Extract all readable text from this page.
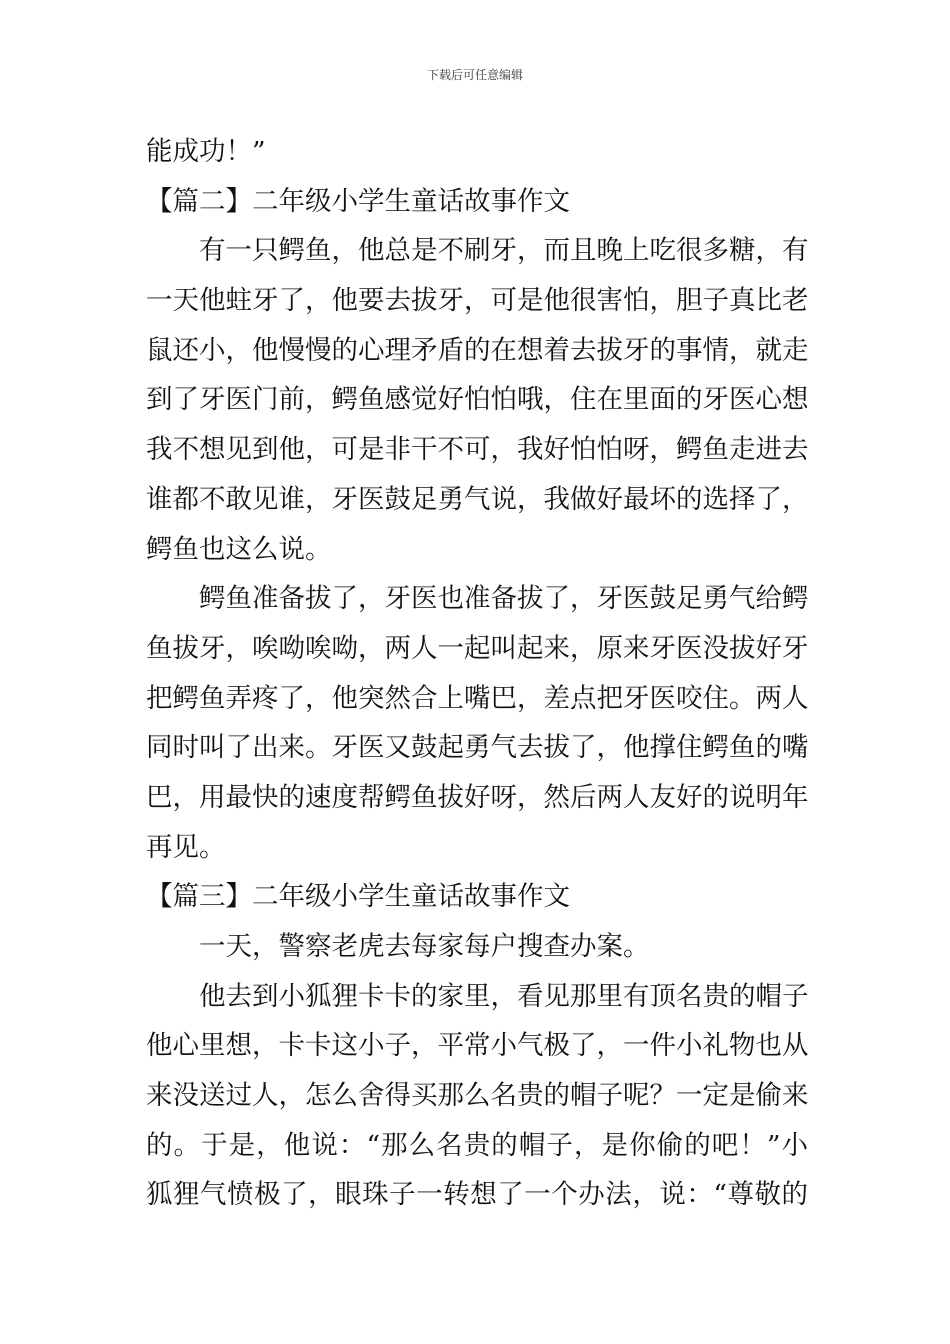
下载后可任意编辑
能成功！”
【篇二】二年级小学生童话故事作文
有一只鳄鱼，他总是不刷牙，而且晚上吃很多糖，有
一天他蛀牙了，他要去拔牙，可是他很害怕，胆子真比老
鼠还小，他慢慢的心理矛盾的在想着去拔牙的事情，就走
到了牙医门前，鳄鱼感觉好怕怕哦，住在里面的牙医心想
我不想见到他，可是非干不可，我好怕怕呀，鳄鱼走进去
谁都不敢见谁，牙医鼓足勇气说，我做好最坏的选择了，
鳄鱼也这么说。
鳄鱼准备拔了，牙医也准备拔了，牙医鼓足勇气给鳄
鱼拔牙，唉呦唉呦，两人一起叫起来，原来牙医没拔好牙
把鳄鱼弄疼了，他突然合上嘴巴，差点把牙医咬住。两人
同时叫了出来。牙医又鼓起勇气去拔了，他撑住鳄鱼的嘴
巴，用最快的速度帮鳄鱼拔好呀，然后两人友好的说明年
再见。
【篇三】二年级小学生童话故事作文
一天，警察老虎去每家每户搜查办案。
他去到小狐狸卡卡的家里，看见那里有顶名贵的帽子
他心里想，卡卡这小子，平常小气极了，一件小礼物也从
来没送过人，怎么舍得买那么名贵的帽子呢？一定是偷来
的。于是，他说：“那么名贵的帽子，是你偷的吧！”小
狐狸气愤极了，眼珠子一转想了一个办法，说：“尊敬的
